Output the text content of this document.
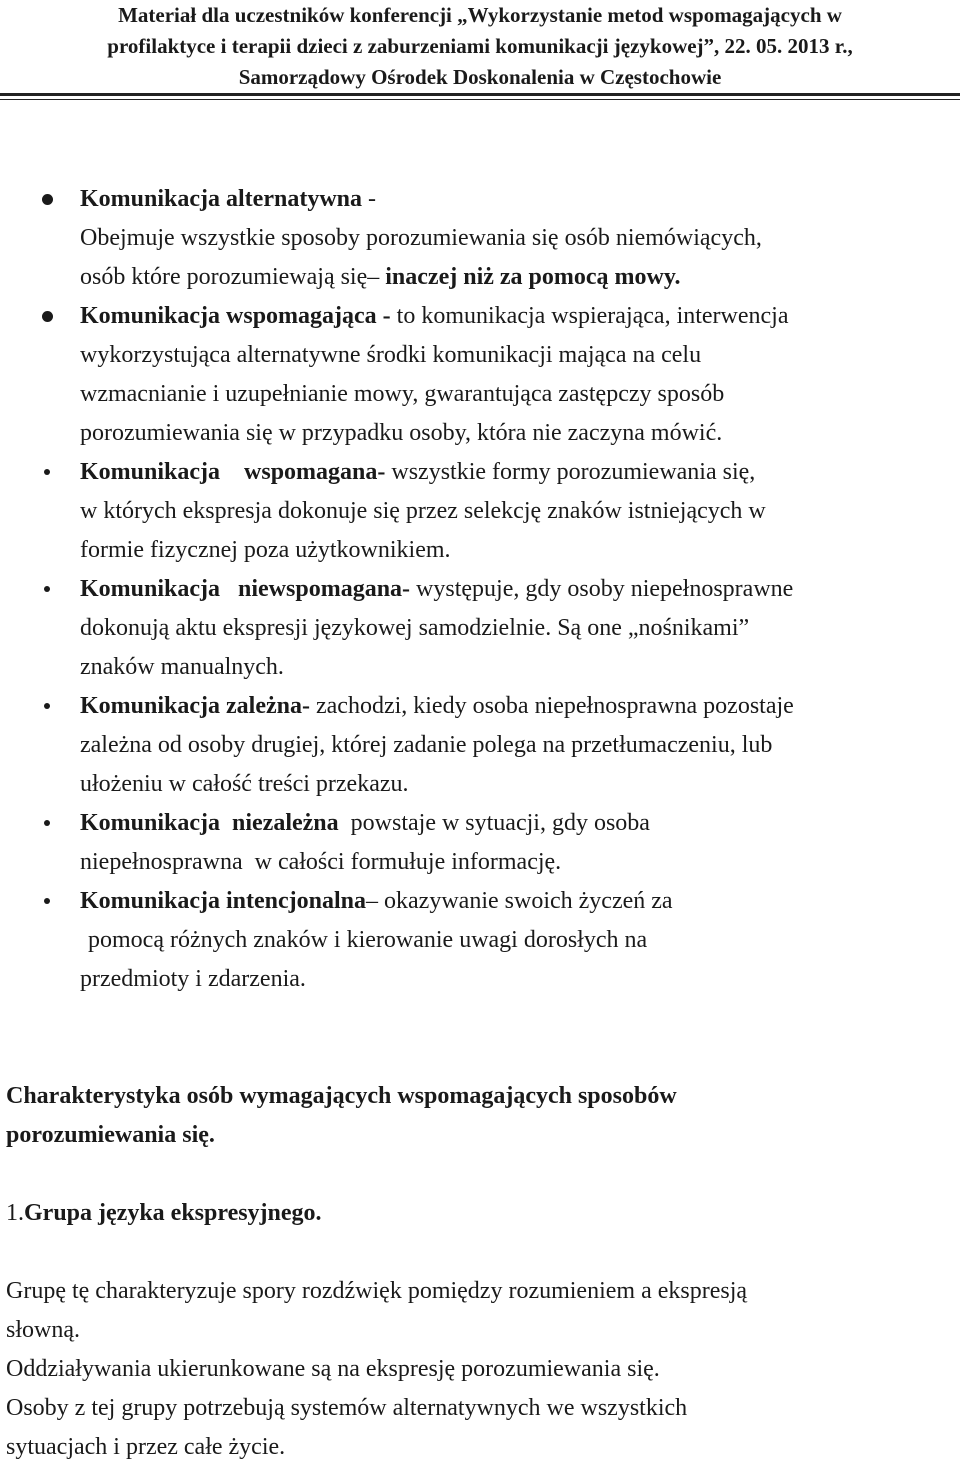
Materiał dla uczestników konferencji „Wykorzystanie metod wspomagających w
profilaktyce i terapii dzieci z zaburzeniami komunikacji językowej”, 22. 05. 2013 r.,
Samorządowy Ośrodek Doskonalenia w Częstochowie
Komunikacja alternatywna -
Obejmuje wszystkie sposoby porozumiewania się osób niemówiących,
osób które porozumiewają się– inaczej niż za pomocą mowy.
Komunikacja wspomagająca - to komunikacja wspierająca, interwencja
wykorzystująca alternatywne środki komunikacji mająca na celu
wzmacnianie i uzupełnianie mowy, gwarantująca zastępczy sposób
porozumiewania się w przypadku osoby, która nie zaczyna mówić.
Komunikacja    wspomagana- wszystkie formy porozumiewania się,
w których ekspresja dokonuje się przez selekcję znaków istniejących w
formie fizycznej poza użytkownikiem.
Komunikacja   niewspomagana- występuje, gdy osoby niepełnosprawne
dokonują aktu ekspresji językowej samodzielnie. Są one „nośnikami”
znaków manualnych.
Komunikacja zależna- zachodzi, kiedy osoba niepełnosprawna pozostaje
zależna od osoby drugiej, której zadanie polega na przetłumaczeniu, lub
ułożeniu w całość treści przekazu.
Komunikacja  niezależna  powstaje w sytuacji, gdy osoba
niepełnosprawna  w całości formułuje informację.
Komunikacja intencjonalna– okazywanie swoich życzeń za
pomocą różnych znaków i kierowanie uwagi dorosłych na
przedmioty i zdarzenia.
Charakterystyka osób wymagających wspomagających sposobów
porozumiewania się.
1.Grupa języka ekspresyjnego.
Grupę tę charakteryzuje spory rozdźwięk pomiędzy rozumieniem a ekspresją
słowną.
Oddziaływania ukierunkowane są na ekspresję porozumiewania się.
Osoby z tej grupy potrzebują systemów alternatywnych we wszystkich
sytuacjach i przez całe życie.
